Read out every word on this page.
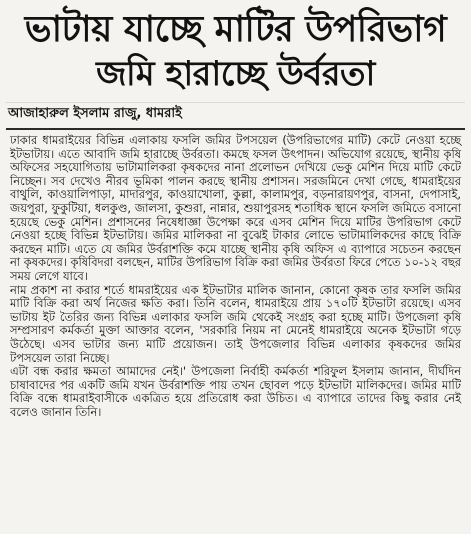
ভাটায় যাচ্ছে মাটির উপরিভাগ
জমি হারাচ্ছে উর্বরতা
আজাহারুল ইসলাম রাজু, ধামরাই

ঢাকার ধামরাইয়ের বিভিন্ন এলাকায় ফসলি জমির টপসয়েল (উপরিভাগের মাটি) কেটে নেওয়া হচ্ছে ইটভাটায়। এতে আবাদি জমি হারাচ্ছে উর্বরতা। কমছে ফসল উৎপাদন। অভিযোগ রয়েছে, স্থানীয় কৃষি অফিসের সহযোগিতায় ভাটামালিকরা কৃষকদের নানা প্রলোভন দেখিয়ে ভেকু মেশিন দিয়ে মাটি কেটে নিচ্ছেন। সব দেখেও নীরব ভূমিকা পালন করছে স্থানীয় প্রশাসন। সরজমিনে দেখা গেছে, ধামরাইয়ের বাথুলি, কাওয়ালিপাড়া, মাদারপুর, কাওয়াখোলা, কুল্লা, কালামপুর, বড়নারায়ণপুর, বাসনা, দেপাসাই, জয়পুরা, ফুকুটিয়া, ধলকুণ্ড, জালসা, কুশুরা, নান্নার, শুয়াপুরসহ শতাধিক স্থানে ফসলি জমিতে বসানো হয়েছে ভেকু মেশিন। প্রশাসনের নিষেধাজ্ঞা উপেক্ষা করে এসব মেশিন দিয়ে মাটির উপরিভাগ কেটে নেওয়া হচ্ছে বিভিন্ন ইটভাটায়। জমির মালিকরা না বুঝেই টাকার লোভে ভাটামালিকদের কাছে বিক্রি করছেন মাটি। এতে যে জমির উর্বরাশক্তি কমে যাচ্ছে স্থানীয় কৃষি অফিস এ ব্যাপারে সচেতন করছেন না কৃষকদের। কৃষিবিদরা বলছেন, মাটির উপরিভাগ বিক্রি করা জমির উর্বরতা ফিরে পেতে ১০-১২ বছর সময় লেগে যাবে।

নাম প্রকাশ না করার শর্তে ধামরাইয়ের এক ইটভাটার মালিক জানান, কোনো কৃষক তার ফসলি জমির মাটি বিক্রি করা অর্থ নিজের ক্ষতি করা। তিনি বলেন, ধামরাইয়ে প্রায় ১৭০টি ইটভাটা রয়েছে। এসব ভাটায় ইট তৈরির জন্য বিভিন্ন এলাকার ফসলি জমি থেকেই সংগ্রহ করা হচ্ছে মাটি। উপজেলা কৃষি সম্প্রসারণ কর্মকর্তা মুক্তা আক্তার বলেন, 'সরকারি নিয়ম না মেনেই ধামরাইয়ে অনেক ইটভাটা গড়ে উঠেছে। এসব ভাটার জন্য মাটি প্রয়োজন। তাই উপজেলার বিভিন্ন এলাকার কৃষকদের জমির টপসয়েল তারা নিচ্ছে।

এটা বন্ধ করার ক্ষমতা আমাদের নেই।' উপজেলা নির্বাহী কর্মকর্তা শরিফুল ইসলাম জানান, দীর্ঘদিন চাষাবাদের পর একটি জমি যখন উর্বরাশক্তি পায় তখন ছোবল পড়ে ইটভাটা মালিকদের। জমির মাটি বিক্রি বন্ধে ধামরাইবাসীকে একত্রিত হয়ে প্রতিরোধ করা উচিত। এ ব্যাপারে তাদের কিছু করার নেই বলেও জানান তিনি।
